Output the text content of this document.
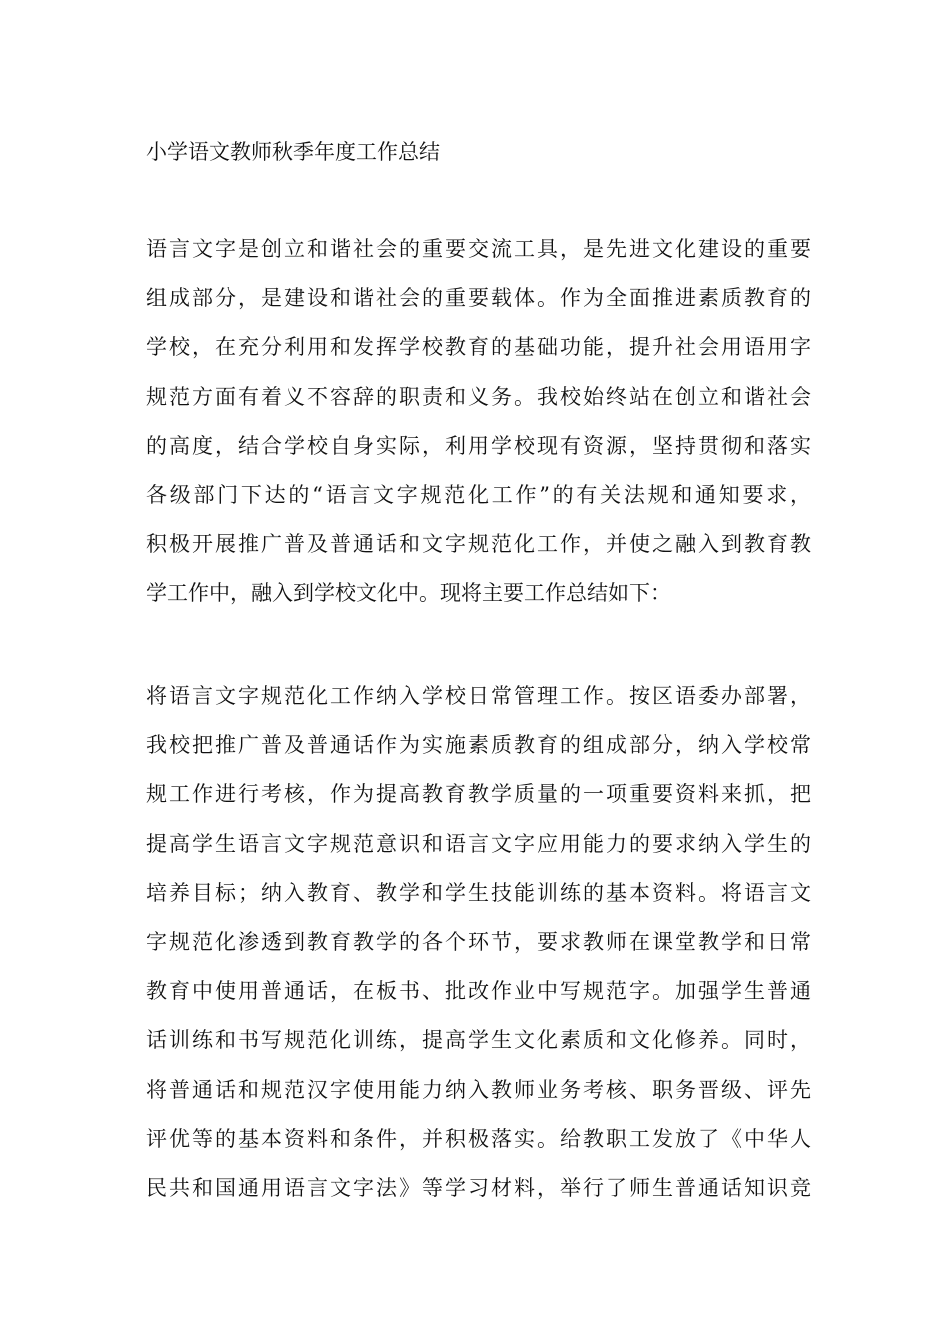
小学语文教师秋季年度工作总结
语言文字是创立和谐社会的重要交流工具，是先进文化建设的重要
组成部分，是建设和谐社会的重要载体。作为全面推进素质教育的
学校，在充分利用和发挥学校教育的基础功能，提升社会用语用字
规范方面有着义不容辞的职责和义务。我校始终站在创立和谐社会
的高度，结合学校自身实际，利用学校现有资源，坚持贯彻和落实
各级部门下达的“语言文字规范化工作”的有关法规和通知要求，
积极开展推广普及普通话和文字规范化工作，并使之融入到教育教
学工作中，融入到学校文化中。现将主要工作总结如下：
将语言文字规范化工作纳入学校日常管理工作。按区语委办部署，
我校把推广普及普通话作为实施素质教育的组成部分，纳入学校常
规工作进行考核，作为提高教育教学质量的一项重要资料来抓，把
提高学生语言文字规范意识和语言文字应用能力的要求纳入学生的
培养目标；纳入教育、教学和学生技能训练的基本资料。将语言文
字规范化渗透到教育教学的各个环节，要求教师在课堂教学和日常
教育中使用普通话，在板书、批改作业中写规范字。加强学生普通
话训练和书写规范化训练，提高学生文化素质和文化修养。同时，
将普通话和规范汉字使用能力纳入教师业务考核、职务晋级、评先
评优等的基本资料和条件，并积极落实。给教职工发放了《中华人
民共和国通用语言文字法》等学习材料，举行了师生普通话知识竞
